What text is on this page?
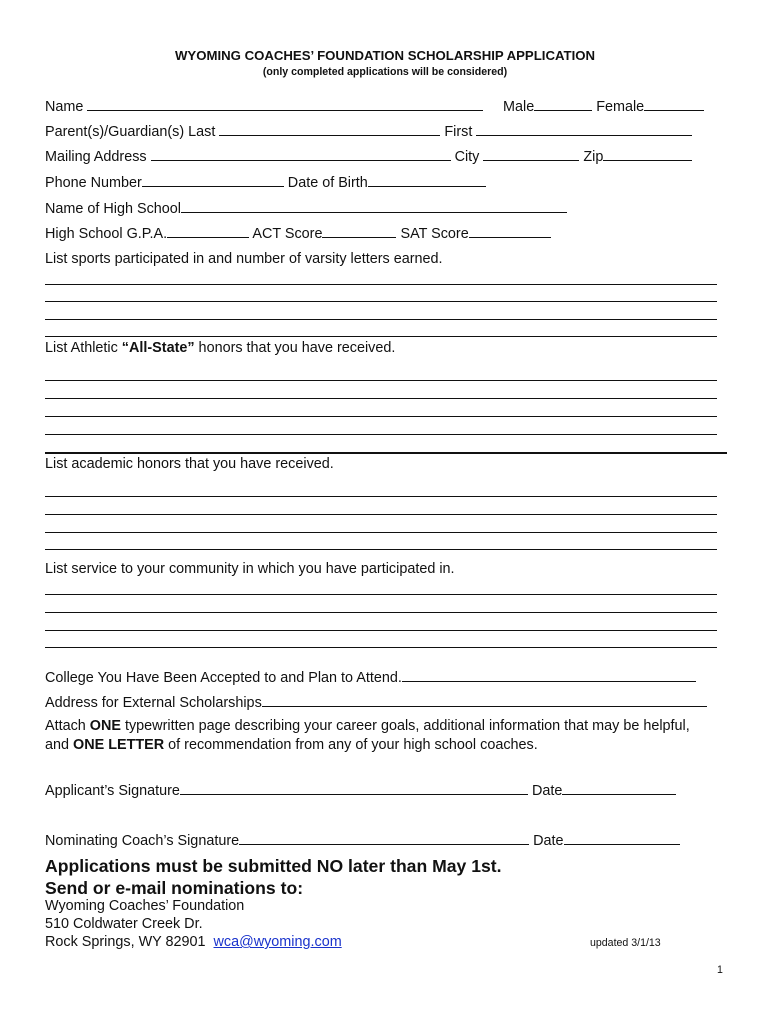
WYOMING COACHES’ FOUNDATION SCHOLARSHIP APPLICATION
(only completed applications will be considered)
Name	Male	Female
Parent(s)/Guardian(s) Last	First
Mailing Address	City	Zip
Phone Number	Date of Birth
Name of High School
High School G.P.A.	ACT Score	SAT Score
List sports participated in and number of varsity letters earned.
List Athletic “All-State” honors that you have received.
List academic honors that you have received.
List service to your community in which you have participated in.
College You Have Been Accepted to and Plan to Attend.
Address for External Scholarships
Attach ONE typewritten page describing your career goals, additional information that may be helpful,
and ONE LETTER of recommendation from any of your high school coaches.
Applicant’s Signature	Date
Nominating Coach’s Signature	Date
Applications must be submitted NO later than May 1st.
Send or e-mail nominations to:
Wyoming Coaches’ Foundation
510 Coldwater Creek Dr.
Rock Springs, WY 82901 wca@wyoming.com	updated 3/1/13
1
